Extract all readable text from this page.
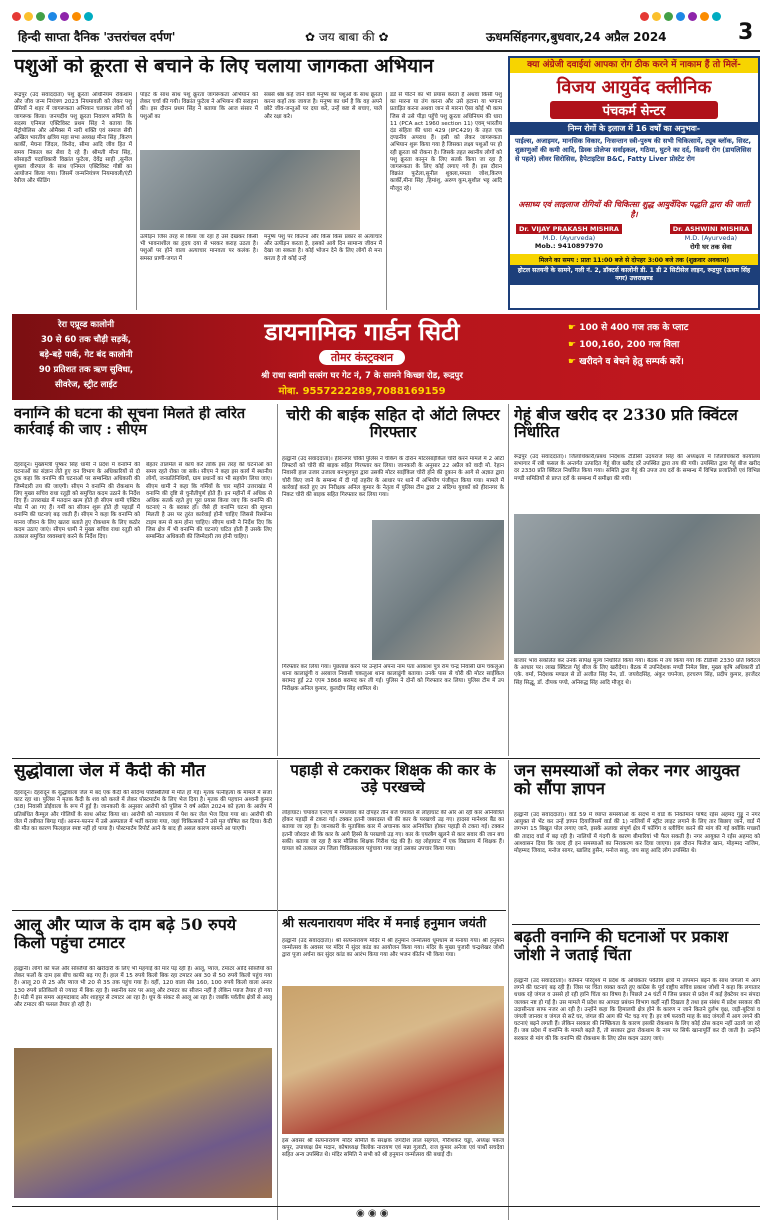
हिन्दी साप्ता दैनिक 'उत्तरांचल दर्पण'	✿ जय बाबा की ✿	ऊधमसिंहनगर,बुधवार,24 अप्रैल 2024	3
पशुओं को क्रूरता से बचाने के लिए चलाया जागकता अभियान
रूद्रपुर (उद संवाददाता) पशु क्रूरता अधिनियम रोकथाम और जीव जन्म नियंत्रण 2023 नियमावली को लेकर पशु प्रेमियों ने शहर में जागरूकता अभियान चलाकर लोगों को जागरूक किया। जनपदीय पशु क्रूरता निवारण समिति के सदस्य एनिमल एक्टिविस्ट प्रथम सिंह ने बताया कि मेट्रोपोलिस और ओमैक्स में नारी शक्ति एवं समाज सेवी अखिल भारतीय क्षत्रिय महा सभा अध्यक्ष मीना सिंह ,किरण कार्की, मेघना जिंदल, विनोद, सीमा आदि जीव हित में समय निकाल कर सेवा दे रहे हैं। श्रीमती मीना सिंह, सोसाइटी पदाधिकारी विक्रांत फुटेला, देवेंद्र साही ,सुनील शुक्ला वीरपाल के साथ एनिमल एक्टिविस्ट गोष्ठी का आयोजन किया गया। जिसमें जन्मनियंत्रण नियमावली/एंटी रेबीज और फीडिंग
पॉइंट के साथ साथ पशु क्रूरता जागरूकता अभियान को लेकर चर्चा की गयी। विक्रांत फुटेला ने अभियान की सराहना की। इस दौरान प्रथम सिंह ने बताया कि आज संसार में पशुओं का
उत्पीड़न जिस तरह से किया जा रहा है उसे देखकर किसी भी भावनाशील का हृदय दया से भरकर कराह उठता है। पशुओं पर होने वाला अत्याचार मानवता पर कलंक है। समस्त प्राणी-जगत में
सबसे श्रेष्ठ कहे जाने वाले मनुष्य का पशुओं के साथ क्रूरता करना कहाँ तक जायज है। मनुष्य का धर्म है कि वह अपने छोटे जीव-जन्तुओं पर दया करे, उन्हें कष्ट से बचाए, पाले और रक्षा करे।
मनुष्य पशु पर कितना और किस किस प्रकार से अत्याचार और उत्पीड़न करता है, इसको आये दिन सामान्य जीवन में देखा जा सकता है। कोई भोजन देने के लिए लोगों से मना करता है तो कोई उन्हें
डंडे से पीटने का भी प्रयास करता है अथवा किसी पशु का मारना या तंग करना और उसे हटाना या भगाना प्रताड़ित करना अथवा जान से मारना ऐसा कोई भी काम जिस से उसे पीड़ा पहुँचे पशु क्रूरता अधिनियम की धारा 11 (PCA act 1960 section 11) एवम् भारतीय दंड संहिता की धारा 429 (IPC429) के तहत एक दण्डनीय अपराध हैं। इसी को लेकर जागरूकता अभियान शुरू किया गया है जिसका लक्ष्य पशुओं पर हो रही क्रूरता को रोकना है। जिसके तहत स्थानीय लोगों को पशु क्रूरता कानून के लिए सतर्क किया जा रहा है जागरूकता के लिए कोई लगाए गये हैं। इस दौरान विक्रांत फुटेला,सुनील शुक्ला,ममता जोश,किरण कार्की,मीना सिंह ,हिमांशु, अरुण कुम,सुशील भट्ट आदि मौजूद रहे।
क्या अंग्रेजी दवाईयां आपका रोग ठीक करने में नाकाम हैं तो मिलें-
विजय आयुर्वेद क्लीनिक
पंचकर्म सेन्टर
निम्न रोगों के इलाज में 16 वर्षों का अनुभवः-
पाईल्स, अजाइमर, मानसिक विकार, निःसन्तान स्त्री-पुरुष की सभी चिकित्सायें, ट्यूब ब्लॉक, सिस्ट, शुक्राणुओं की कमी आदि, डिस्क प्रोलेप्स सर्वाइकल, गठिया, घुटने का दर्द, किडनी रोग (डायलिसिस से पहले) लीवर सिरोसिस, हैपेटाइटिस B&C, Fatty Liver प्रोस्टेट रोग
असाध्य एवं लाइलाज रोगियों की चिकित्सा शुद्ध आयुर्वेदिक पद्धति द्वारा की जाती है।
Dr. VIJAY PRAKASH MISHRA
M.D. (Ayurveda)
Mob.: 9410897970
Dr. ASHWINI MISHRA
M.D. (Ayurveda)
रोगी घर तक सेवा
मिलने का समय : प्रातः 11:00 बजे से दोपहर 3:00 बजे तक (शुक्रवार अवकाश)
होटल सतयनी के सामने, गली नं. 2, डॉक्टर्स कालोनी डी. 1 डी 2 सिटीसेल लाइन, रूद्रपुर (ऊधम सिंह नगर) उत्तराखण्ड
रेरा एप्रूव्ड कालोनी
30 से 60 तक चौड़ी सड़कें,
बड़े-बड़े पार्क, गेट बंद कालोनी
90 प्रतिशत तक ऋण सुविधा,
सीवरेज, स्ट्रीट लाईट
डायनामिक गार्डन सिटी
तोमर कंस्ट्रक्शन
श्री राधा स्वामी सत्संग घर गेट नं, 7 के सामने किच्छा रोड, रूद्रपुर
मोबा. 9557222289,7088169159
☛ 100 से 400 गज तक के प्लाट
☛ 100,160, 200 गज विला
☛ खरीदने व बेचने हेतु सम्पर्क करें।
वनाग्नि की घटना की सूचना मिलते ही त्वरित कार्रवाई की जाए : सीएम
देहरादून। मुख्यमंत्री पुष्कर सिंह धामी ने प्रदेश में वनाग्नि की घटनाओं का संज्ञान लेते हुए वन विभाग के अधिकारियों से दो टूक कहा कि वनाग्नि की घटनाओं पर सम्बन्धित अधिकारी की जिम्मेदारी तय की जाएगी। सीएम ने वनाग्नि की रोकथाम के लिए मुख्य सचिव राधा रतूड़ी को समुचित कदम उठाने के निर्देश दिए हैं। उत्तराखंड में मतदान खत्म होते ही सीएम धामी एक्टिव मोड में आ गए हैं। गर्मी का सीजन शुरू होते ही पहाड़ों में वनाग्नि की घटनाएं बढ़ जाती हैं। सीएम ने कहा कि वनाग्नि को मानव जीवन के लिए खतरा बताते हुए रोकथाम के लिए कठोर कदम उठाए जाएं। सीएम धामी ने मुख्य सचिव राधा रतूड़ी को तत्काल समुचित व्यवस्थाएं करने के निर्देश दिए।
बेहतर तालमेल से कार्य करें ताकि इस तरह की घटनाओं को समय रहते रोका जा सके। सीएम ने कहा इस कार्य में स्थानीय लोगों, जनप्रतिनिधियों, ग्राम प्रधानों का भी सहयोग लिया जाए। सीएम धामी ने कहा कि गर्मियों के चार महीने उत्तराखंड में वनाग्नि की दृष्टि से चुनौतीपूर्ण होते हैं। इन महीनों में अधिक से अधिक सतर्क रहते हुए पूरा प्रयास किया जाए कि वनाग्नि की घटनाएं न के बराबर हों। जैसे ही वनाग्नि घटना की सूचना मिलती है उस पर तुरंत कार्रवाई होनी चाहिए जिससे रिस्पॉन्स टाइम कम से कम होना चाहिए। सीएम धामी ने निर्देश दिए कि जिस क्षेत्र में भी वनाग्नि की घटनाएं घटित होती हैं उसके लिए सम्बन्धित अधिकारी की जिम्मेदारी तय होनी चाहिए।
चोरी की बाईक सहित दो ऑटो लिफ्टर गिरफ्तार
हल्द्वानी (उद संवाददाता)। हीरानगर चौकी पुलिस ने चेकिंग के दौरान मोटरसाईकिल चोरी करने मामले में 2 ऑटो लिफ्टरों को चोरी की बाइक सहित गिरफ्तार कर लिया। जानकारी के अनुसार 22 अप्रैल को वादी मो. रेहान निवासी हाल उजार उजाला बनभूलपुरा द्वारा उसकी मोटर साईकिल चोरी होने की दुकान के आगे से अज्ञात द्वारा चोरी किए जाने के सम्बन्ध में दी गई तहरीर के आधार पर थाने में अभियोग पंजीकृत किया गया। मामले में कार्रवाई करते हुए उप निरीक्षक अनिल कुमार के नेतृत्व में पुलिस टीम द्वारा 2 संदिग्ध युवकों को हीरानगर के निकट चोरी की बाइक सहित गिरफ्तार कर लिया गया।
गिरफ्तार कर लिया गया। पूछताछ करने पर उन्होंने अपना नाम पता आकाश पुत्र राम चन्द्र निवासी ग्राम चकलुआ थाना कालाढूंगी व अरबाज निवासी चकलुआ थाना कालाढूंगी बताया। उनके पास से चोरी की मोटर साईकिल बरामद हुई 22 एएम 3868 बरामद कर ली गई। पुलिस ने दोनों को गिरफ्तार कर लिया। पुलिस टीम में उप निरीक्षक अनिल कुमार, कुलदीप सिंह शामिल थे।
गेहूं बीज खरीद दर 2330 प्रति क्विंटल निर्धारित
रूद्रपुर (उद संवाददाता)। जिलाधिकारी/प्रबंध निदेशक टीडीसी उदयराज सिंह की अध्यक्षता में जिलाधिकारी कार्यालय सभागार में रबी फसल के अन्तर्गत उत्पादित गेहूं बीज खरीद दरें उपस्थित द्वारा तय की गयी। उपस्थित द्वारा गेहूं बीज खरीद दर 2330 प्रति क्विंटल निर्धारित किया गया। समिति द्वारा गेहूं की उपज तय दरों के सम्बन्ध में विभिन्न प्रजातियों एवं विभिन्न मण्डी समितियों से प्राप्त दरों के सम्बन्ध में समीक्षा की गयी।
बाजार भाव संकलित कर उनके सापेक्ष मूल्य निर्धारित किया गया। बैठक में तय किया गया कि टीडीसी 2330 प्रति क्विंटल के आधार पर। लाख क्विंटल गेहूं बीज के लिए खरीदेगा। बैठक में उपनिदेशक मण्डी निमेल बिष्ट, मुख्य कृषि अधिकारी डॉ एके. वर्मा, निदेशक मण्डल से डॉ अजीत सिंह नैन, डॉ. जयवेदसिंह, अंकुर चपनेजा, हरचरण सिंह, प्रदीप कुमार, हरजेंदर सिंह सिद्धू, डॉ. दीपक पण्डे, अनिरुद्ध सिंह आदि मौजूद थे।
सुद्धोवाला जेल में कैदी की मौत
देहरादून। देहरादून के सुद्धोवाला जेल में बंद एक कैदी की संदिग्ध परिस्थितियों में मौत हो गई। मृतक पत्नीहत्या के मामले में सजा काट रहा था। पुलिस ने मृतक कैदी के शव को कब्जे में लेकर पोस्टमार्टम के लिए भेज दिया है। मृतक की पहचान अश्वनी कुमार (38) निवासी डोईवाला के रूप में हुई है। जानकारी के अनुसार आरोपी को पुलिस ने वर्ष अप्रैल 2024 को हत्या के आरोप में प्रतिबंधित कैम्पुल और गोलियों के साथ अरेस्ट किया था। आरोपी को न्यायालय में पेश कर जेल भेज दिया गया था। आरोपी की जेल में तबीयत बिगड़ गई। आनन-फानन में उसे अस्पताल में भर्ती कराया गया, जहां चिकित्सकों ने उसे मृत घोषित कर दिया। कैदी की मौत का कारण फिलहाल स्पष्ट नहीं हो पाया है। पोस्टमार्टम रिपोर्ट आने के बाद ही असल कारण सामने आ पाएगी।
पहाड़ी से टकराकर शिक्षक की कार के उड़े परखच्चे
लोहाघाट। चंपावत एनएच में मंगलवार को दोपहर तीन बजे चंपावत से लोहाघाट की ओर आ रही कार अनियंत्रित होकर पहाड़ी से टकरा गई। टक्कर इतनी जबरदस्त थी की कार के परखच्चे उड़ गए। हादसा मानेश्वर बैंड का बताया जा रहा है। जानकारी के मुताबिक कार में अचानक कार अनियंत्रित होकर पहाड़ी से टकरा गई। टक्कर इतनी जोरदार थी कि कार के आगे हिस्से के परखच्चे उड़ गए। कार के एयरबैग खुलने से कार सवार की जान बच सकी। बताया जा रहा है कार मौलिक शिक्षक गिरीश चंद्र की है। वह लोहाघाट में एक विद्यालय में शिक्षक हैं। घायल को तत्काल उप जिला चिकित्सालय पहुंचाया गया जहां उसका उपचार किया गया।
जन समस्याओं को लेकर नगर आयुक्त को सौंपा ज्ञापन
हल्द्वानी (उद संवाददाता)। वार्ड 59 में व्याप्त समस्याओं के संदर्भ में वार्ड के निवर्तमान पार्षद रईस अहमद गुड्डू ने नगर आयुक्त से भेंट कर उन्हें ज्ञापन दियाजिसमें वार्ड की 1) नालियों में स्ट्रीट लाइट लगाने के लिए तार बिछाए जाने, वार्ड में लगभग 15 बिखुत पोल लगाए जाने, इसके अलावा संपूर्ण क्षेत्र में फॉगिंग व ब्लीचिंग करने की मांग की गई क्योंकि मच्छरों की तादाद वार्ड में बढ़ रही है। नालियों में गंदगी के कारण बीमारियां भी फैल सकती है। नगर आयुक्त ने रईस अहमद को आश्वासन दिया कि जल्द ही इन समस्याओं का निराकरण कर दिया जाएगा। इस दौरान फिरोज खान, मोहम्मद नाजिम, मोहम्मद जियाद, मनोज सागर, खालिद हुसैन, मनोज साहू, जय साहू आदि लोग उपस्थित थे।
आलू और प्याज के दाम बढ़े 50 रुपये किलो पहुंचा टमाटर
हल्द्वानी। लोगों को फल और सब्जियों की खरीदारी के लिए भी महंगाई की मार पड़ रही है। आलू, प्याज, टमाटर आदि सब्जियों को लेकर फलों के दाम इस बीच काफी बढ़ गए हैं। हाल में 15 रुपये किलो बिक रहा टमाटर अब 30 से 50 रुपये किलो पहुंच गया है। आलू 20 से 25 और प्याज भी 20 से 35 तक पहुंच गया है। वहीं, 120 वाला सेब 160, 100 रुपये किलो वाला अनार 130 रुपये प्रतिकिलो से ज्यादा में बिक रहा है। स्थानीय स्तर पर आलू और टमाटर का सीजन नहीं है लेकिन प्याज तैयार हो गया है। मंडी में इस समय अहमदाबाद और शाहपुर से टमाटर आ रहा है। धूप के संकट से आलू आ रहा है। जबकि पर्वतीय क्षेत्रों से आलू और टमाटर की फसल तैयार हो रही है।
श्री सत्यनारायण मंदिर में मनाई हनुमान जयंती
हल्द्वानी (उद संवाददाता)। श्री सत्यनारायण मंदिर में श्री हनुमान जन्मोत्सव धूमधाम से मनाया गया। श्री हनुमान जन्मोत्सव के अवसर पर मंदिर में सुंदर कांड का आयोजन किया गया। मंदिर के मुख्य पुजारी चन्द्रशेखर जोशी द्वारा पूजा अर्चना कर सुंदर कांड का आरंभ किया गया और भजन कीर्तन भी किया गया।
इस अवसर श्री सत्यनारायण मंदिर समिति के संरक्षक जगदीश लाल सहगल, गौरीशंकर चड्ढा, अध्यक्ष पंकज कपूर, उपाध्यक्ष प्रेम मदान, कोषाध्यक्ष त्रिलोक नारायण एवं मन्ना गुलाटी, राज कुमार अनेजा एवं पार्थो सचदेवा सहित अन्य उपस्थित थे। मंदिर समिति ने सभी को श्री हनुमान जन्मोत्सव की बधाई दी।
बढ़ती वनाग्नि की घटनाओं पर प्रकाश जोशी ने जताई चिंता
हल्द्वानी (उद संवाददाता)। वर्तमान परिदृश्य में प्रदेश के अधिकतर पर्वतीय क्षेत्रों में तापमान बढ़ने के साथ जंगलों में आग लगने की घटनाएं बढ़ रही हैं। जिस पर चिंता व्यक्त करते हुए कांग्रेस के पूर्व राष्ट्रीय सचिव प्रकाश जोशी ने कहा कि लगातार धधक रहे जंगल व उससे हो रही हानि चिंता का विषय है। पिछले 24 घंटों में जिस प्रकार से प्रदेश में कई हेक्टेयर वन संपदा जलकर नष्ट हो गई है। उस मामले में प्रदेश का आपदा प्रबंधन विभाग कहीं नहीं दिखता है तथा इस संबंध में प्रदेश सरकार की उदासीनता साफ नजर आ रही है। उन्होंने कहा कि हिमालयी क्षेत्र होने के कारण न जाने कितने दुर्लभ वृक्ष, जड़ी-बूटियां व जंगली जानवर व जंगल से सटे घर, जंगल की आग की भेंट चढ़ गए हैं। हर वर्ष फरवरी माह के बाद जंगलों में आग लगने की घटनाएं बढ़ने लगती हैं। लेकिन सरकार की निष्क्रियता के कारण इसकी रोकथाम के लिए कोई ठोस कदम नहीं उठाये जा रहे हैं। जब प्रदेश में वनाग्नि के मामले बढ़ते हैं, तो सरकार द्वारा रोकथाम के नाम पर सिर्फ खानापूर्ति कर दी जाती है। उन्होंने सरकार से मांग की कि वनाग्नि की रोकथाम के लिए ठोस कदम उठाए जाएं।
◉ ◉ ◉
